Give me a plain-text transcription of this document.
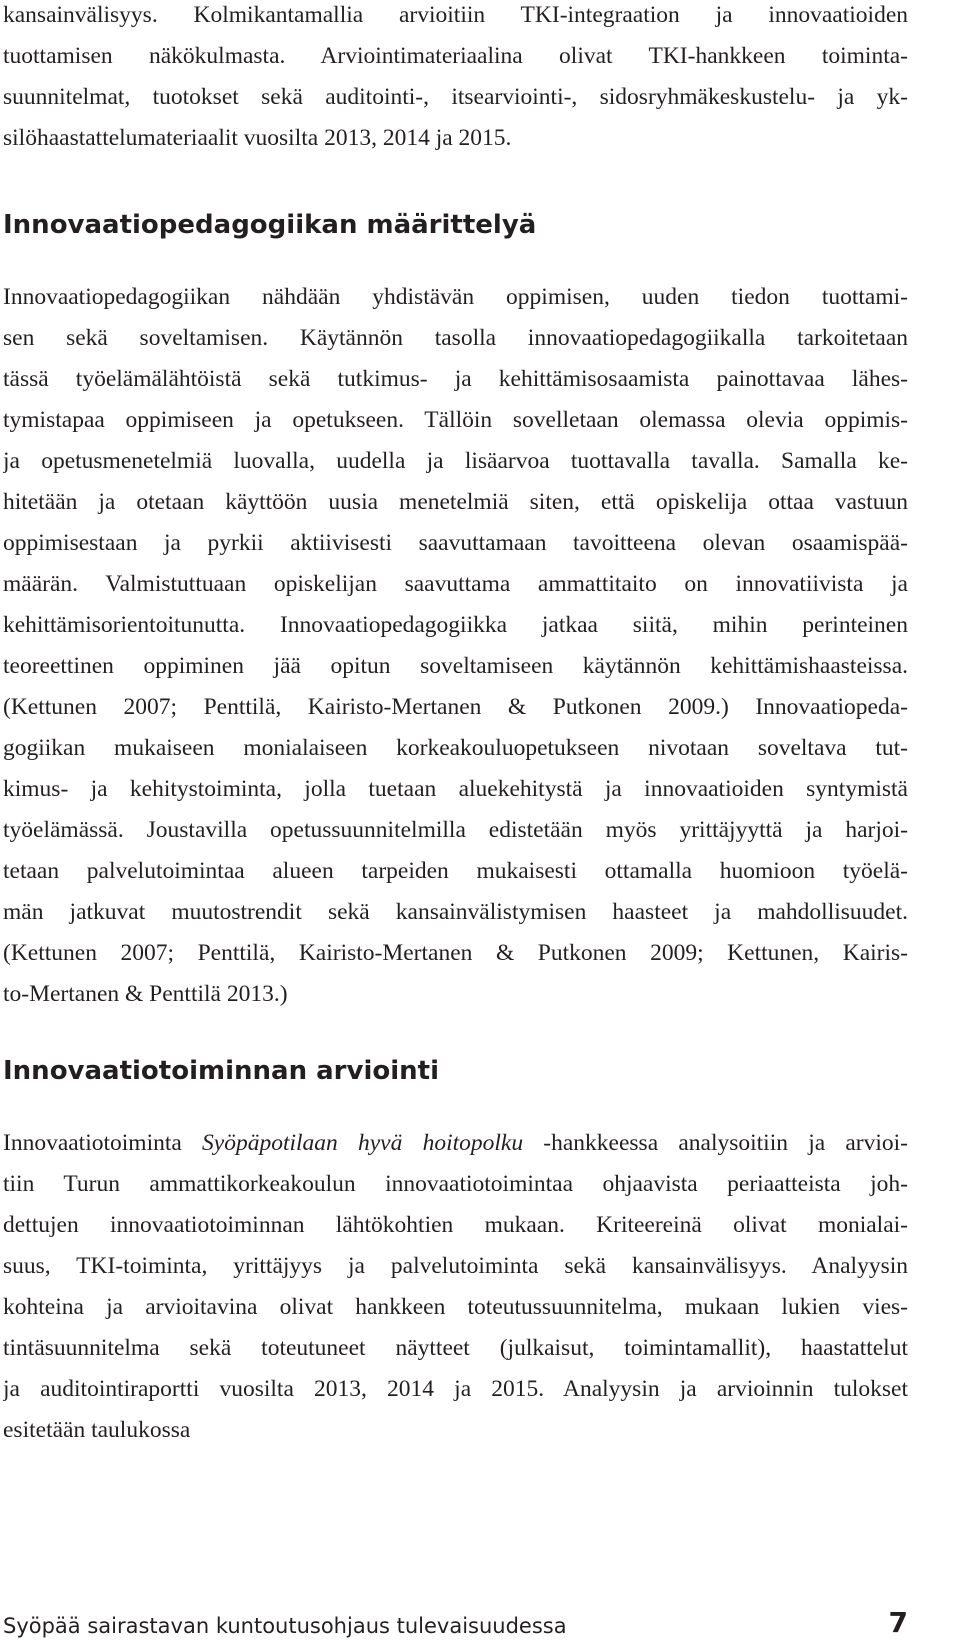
kansainvälisyys. Kolmikantamallia arvioitiin TKI-integraation ja innovaatioiden
tuottamisen näkökulmasta. Arviointimateriaalina olivat TKI-hankkeen toiminta-
suunnitelmat, tuotokset sekä auditointi-, itsearviointi-, sidosryhmäkeskustelu- ja yk-
silöhaastattelumateriaalit vuosilta 2013, 2014 ja 2015.
Innovaatiopedagogiikan määrittelyä
Innovaatiopedagogiikan nähdään yhdistävän oppimisen, uuden tiedon tuottami-
sen sekä soveltamisen. Käytännön tasolla innovaatiopedagogiikalla tarkoitetaan
tässä työelämälähtöistä sekä tutkimus- ja kehittämisosaamista painottavaa lähes-
tymistapaa oppimiseen ja opetukseen. Tällöin sovelletaan olemassa olevia oppimis-
ja opetusmenetelmiä luovalla, uudella ja lisäarvoa tuottavalla tavalla. Samalla ke-
hitetään ja otetaan käyttöön uusia menetelmiä siten, että opiskelija ottaa vastuun
oppimisestaan ja pyrkii aktiivisesti saavuttamaan tavoitteena olevan osaamispää-
määrän. Valmistuttuaan opiskelijan saavuttama ammattitaito on innovatiivista ja
kehittämisorientoitunutta. Innovaatiopedagogiikka jatkaa siitä, mihin perinteinen
teoreettinen oppiminen jää opitun soveltamiseen käytännön kehittämishaasteissa.
(Kettunen 2007; Penttilä, Kairisto-Mertanen & Putkonen 2009.) Innovaatiopeda-
gogiikan mukaiseen monialaiseen korkeakouluopetukseen nivotaan soveltava tut-
kimus- ja kehitystoiminta, jolla tuetaan aluekehitystä ja innovaatioiden syntymistä
työelämässä. Joustavilla opetussuunnitelmilla edistetään myös yrittäjyyttä ja harjoi-
tetaan palvelutoimintaa alueen tarpeiden mukaisesti ottamalla huomioon työelä-
män jatkuvat muutostrendit sekä kansainvälistymisen haasteet ja mahdollisuudet.
(Kettunen 2007; Penttilä, Kairisto-Mertanen & Putkonen 2009; Kettunen, Kairis-
to-Mertanen & Penttilä 2013.)
Innovaatiotoiminnan arviointi
Innovaatiotoiminta Syöpäpotilaan hyvä hoitopolku -hankkeessa analysoitiin ja arvioi-
tiin Turun ammattikorkeakoulun innovaatiotoimintaa ohjaavista periaatteista joh-
dettujen innovaatiotoiminnan lähtökohtien mukaan. Kriteereinä olivat monialai-
suus, TKI-toiminta, yrittäjyys ja palvelutoiminta sekä kansainvälisyys. Analyysin
kohteina ja arvioitavina olivat hankkeen toteutussuunnitelma, mukaan lukien vies-
tintäsuunnitelma sekä toteutuneet näytteet (julkaisut, toimintamallit), haastattelut
ja auditointiraportti vuosilta 2013, 2014 ja 2015. Analyysin ja arvioinnin tulokset
esitetään taulukossa
Syöpää sairastavan kuntoutusohjaus tulevaisuudessa	7
